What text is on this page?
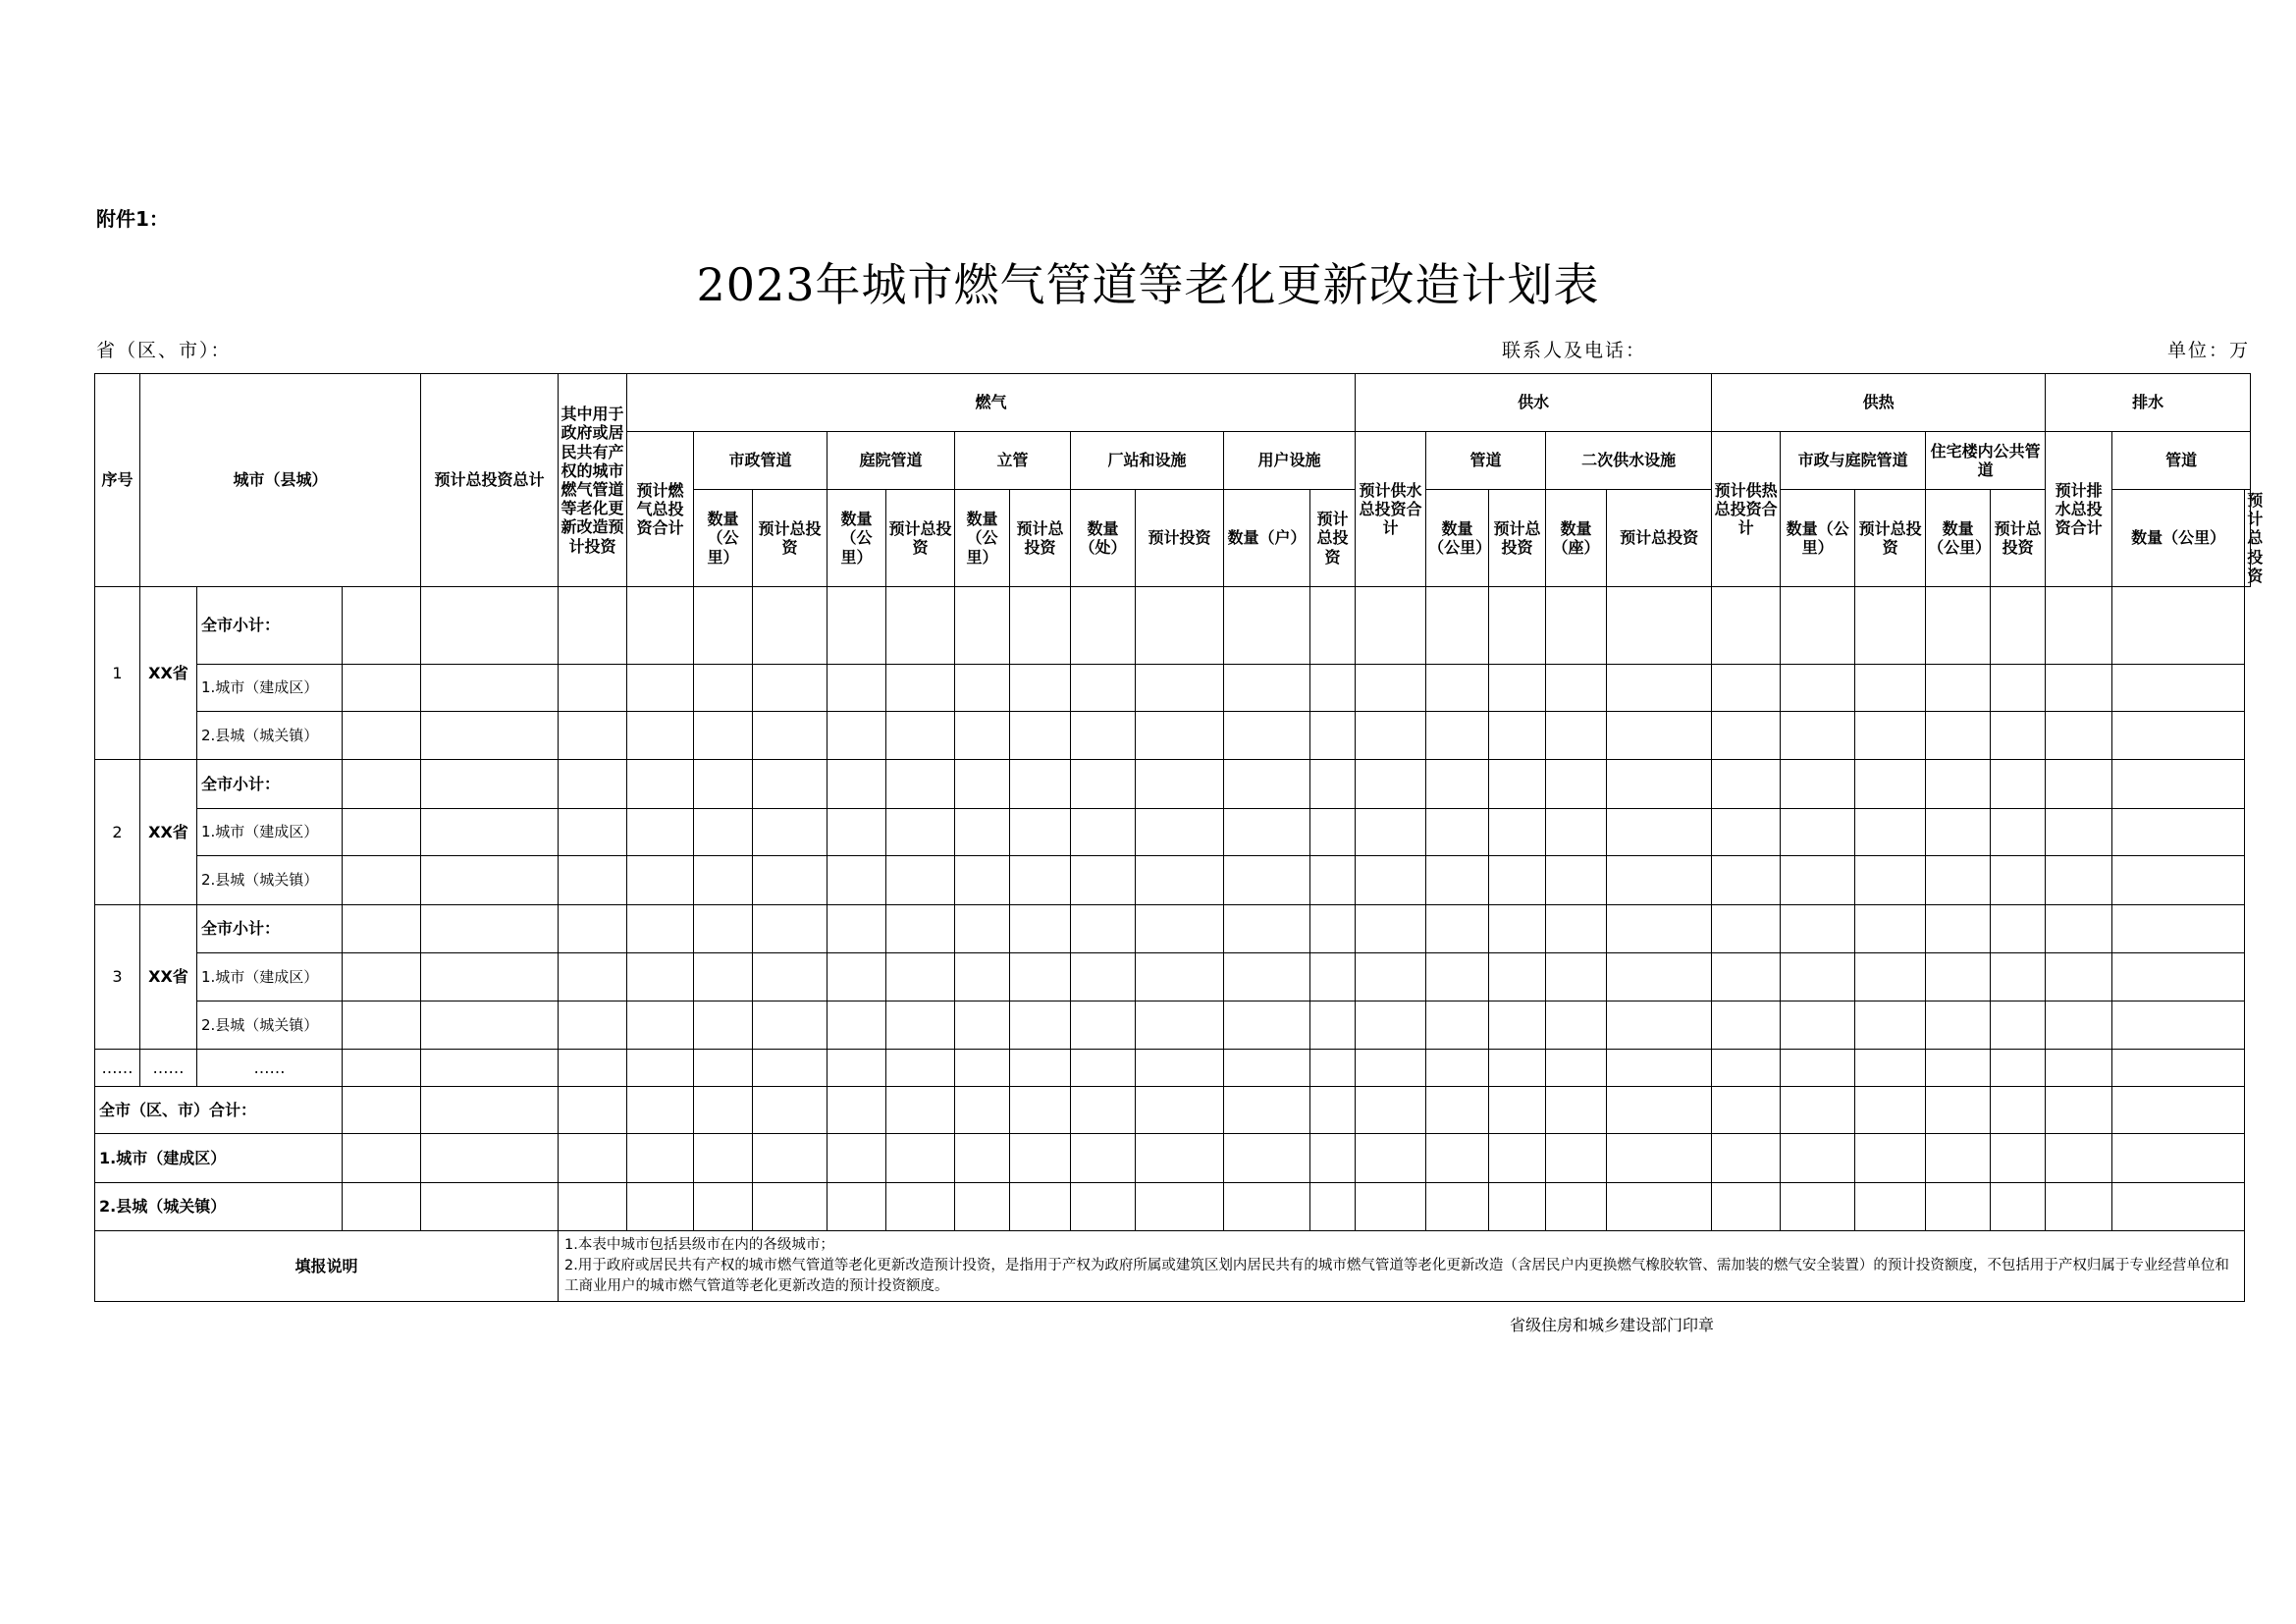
附件1：
2023年城市燃气管道等老化更新改造计划表
省（区、市）：	联系人及电话：	单位：万
序号	城市（县城）			预计总投资总计	其中用于政府或居民共有产权的城市燃气管道等老化更新改造预计投资	燃气											供水					供热					排水		
						预计燃气总投资合计	市政管道		庭院管道		立管		厂站和设施		用户设施		预计供水总投资合计	管道		二次供水设施		预计供热总投资合计	市政与庭院管道		住宅楼内公共管道		预计排水总投资合计	管道	
							数量（公里）	预计总投资	数量（公里）	预计总投资	数量（公里）	预计总投资	数量（处）	预计投资	数量（户）	预计总投资		数量（公里）	预计总投资	数量（座）	预计总投资		数量（公里）	预计总投资	数量（公里）	预计总投资		数量（公里）	预计总投资
1	XX省	全市小计：																											
		1.城市（建成区）																											
		2.县城（城关镇）																											
2	XX省	全市小计：																											
		1.城市（建成区）																											
		2.县城（城关镇）																											
3	XX省	全市小计：																											
		1.城市（建成区）																											
		2.县城（城关镇）																											
……	……	……																											
全市（区、市）合计：																													
1.城市（建成区）																													
2.县城（城关镇）																													
填报说明					1.本表中城市包括县级市在内的各级城市；
2.用于政府或居民共有产权的城市燃气管道等老化更新改造预计投资，是指用于产权为政府所属或建筑区划内居民共有的城市燃气管道等老化更新改造（含居民户内更换燃气橡胶软管、需加装的燃气安全装置）的预计投资额度，不包括用于产权归属于专业经营单位和工商业用户的城市燃气管道等老化更新改造的预计投资额度。																								
省级住房和城乡建设部门印章
